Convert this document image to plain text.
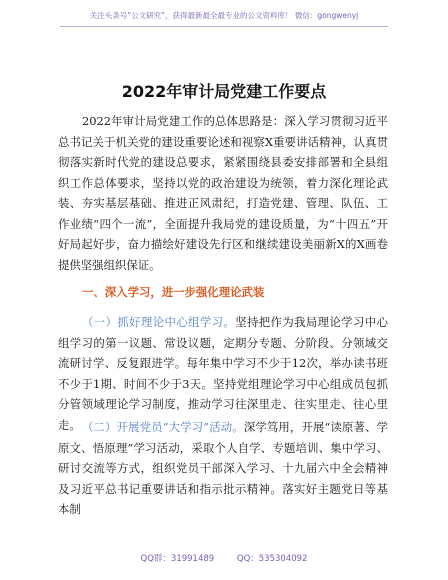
关注头条号“公文研究”，获得最新最全最专业的公文资料库！ 微信：gongwenyj
2022年审计局党建工作要点
2022年审计局党建工作的总体思路是：深入学习贯彻习近平总书记关于机关党的建设重要论述和视察X重要讲话精神，认真贯彻落实新时代党的建设总要求，紧紧围绕县委安排部署和全县组织工作总体要求，坚持以党的政治建设为统领，着力深化理论武装、夯实基层基础、推进正风肃纪，打造党建、管理、队伍、工作业绩“四个一流”，全面提升我局党的建设质量，为“十四五”开好局起好步，奋力描绘好建设先行区和继续建设美丽新X的X画卷提供坚强组织保证。
一、深入学习，进一步强化理论武装
（一）抓好理论中心组学习。坚持把作为我局理论学习中心组学习的第一议题、常设议题，定期分专题、分阶段、分领域交流研讨学、反复跟进学。每年集中学习不少于12次，举办读书班不少于1期、时间不少于3天。坚持党组理论学习中心组成员包抓分管领域理论学习制度，推动学习往深里走、往实里走、往心里走。 （二）开展党员“大学习”活动。深学笃用，开展“读原著、学原文、悟原理”学习活动，采取个人自学、专题培训、集中学习、研讨交流等方式，组织党员干部深入学习、十九届六中全会精神及习近平总书记重要讲话和指示批示精神。落实好主题党日等基本制
QQ群：31991489	QQ：535304092
